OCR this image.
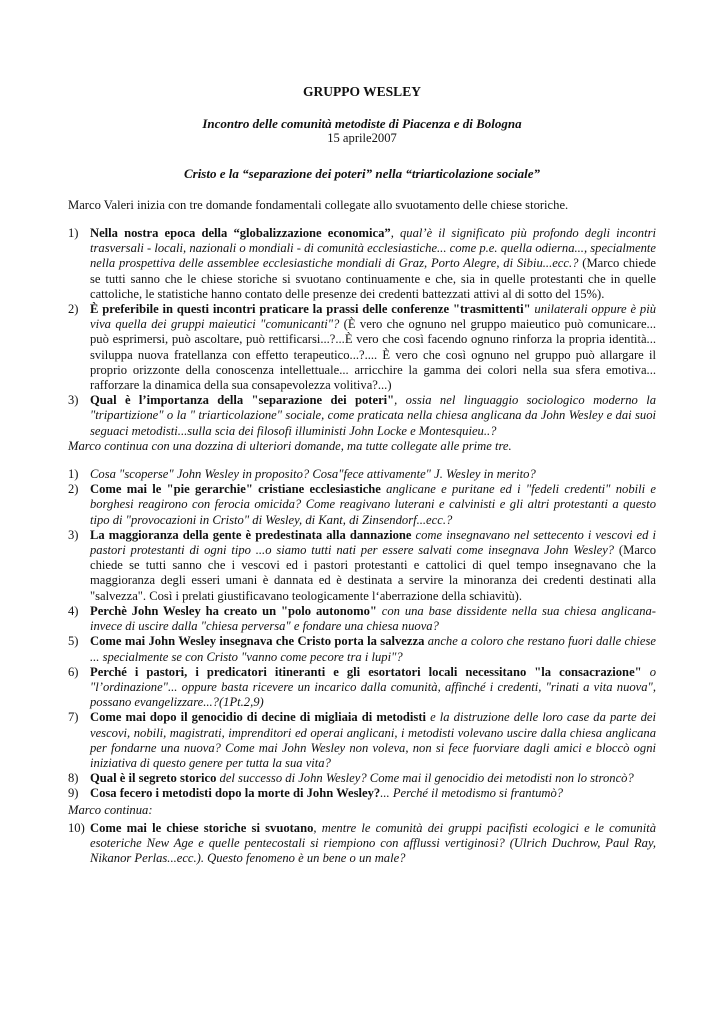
GRUPPO WESLEY
Incontro delle comunità metodiste di Piacenza e di Bologna
15 aprile2007
Cristo e la “separazione dei poteri” nella “triarticolazione sociale”
Marco Valeri inizia con tre domande fondamentali collegate allo svuotamento delle chiese storiche.
1) Nella nostra epoca della “globalizzazione economica”, qual’è il significato più profondo degli incontri trasversali - locali, nazionali o mondiali - di comunità ecclesiastiche... come p.e. quella odierna..., specialmente nella prospettiva delle assemblee ecclesiastiche mondiali di Graz, Porto Alegre, di Sibiu...ecc.? (Marco chiede se tutti sanno che le chiese storiche si svuotano continuamente e che, sia in quelle protestanti che in quelle cattoliche, le statistiche hanno contato delle presenze dei credenti battezzati attivi al di sotto del 15%).
2) È preferibile in questi incontri praticare la prassi delle conferenze "trasmittenti" unilaterali oppure è più viva quella dei gruppi maieutici "comunicanti"? (È vero che ognuno nel gruppo maieutico può comunicare... può esprimersi, può ascoltare, può rettificarsi...?...È vero che così facendo ognuno rinforza la propria identità... sviluppa nuova fratellanza con effetto terapeutico...?.... È vero che così ognuno nel gruppo può allargare il proprio orizzonte della conoscenza intellettuale... arricchire la gamma dei colori nella sua sfera emotiva... rafforzare la dinamica della sua consapevolezza volitiva?...)
3) Qual è l’importanza della "separazione dei poteri", ossia nel linguaggio sociologico moderno la "tripartizione" o la " triarticolazione" sociale, come praticata nella chiesa anglicana da John Wesley e dai suoi seguaci metodisti...sulla scia dei filosofi illuministi John Locke e Montesquieu..?
Marco continua con una dozzina di ulteriori domande, ma tutte collegate alle prime tre.
1) Cosa "scoperse" John Wesley in proposito? Cosa"fece attivamente" J. Wesley in merito?
2) Come mai le "pie gerarchie" cristiane ecclesiastiche anglicane e puritane ed i "fedeli credenti" nobili e borghesi reagirono con ferocia omicida? Come reagivano luterani e calvinisti e gli altri protestanti a questo tipo di "provocazioni in Cristo" di Wesley, di Kant, di Zinsendorf...ecc.?
3) La maggioranza della gente è predestinata alla dannazione come insegnavano nel settecento i vescovi ed i pastori protestanti di ogni tipo ...o siamo tutti nati per essere salvati come insegnava John Wesley? (Marco chiede se tutti sanno che i vescovi ed i pastori protestanti e cattolici di quel tempo insegnavano che la maggioranza degli esseri umani è dannata ed è destinata a servire la minoranza dei credenti destinati alla "salvezza". Così i prelati giustificavano teologicamente l‘aberrazione della schiavitù).
4) Perchè John Wesley ha creato un "polo autonomo" con una base dissidente nella sua chiesa anglicana- invece di uscire dalla "chiesa perversa" e fondare una chiesa nuova?
5) Come mai John Wesley insegnava che Cristo porta la salvezza anche a coloro che restano fuori dalle chiese ... specialmente se con Cristo "vanno come pecore tra i lupi"?
6) Perché i pastori, i predicatori itineranti e gli esortatori locali necessitano "la consacrazione" o "l’ordinazione"... oppure basta ricevere un incarico dalla comunità, affinché i credenti, "rinati a vita nuova", possano evangelizzare...?(1Pt.2,9)
7) Come mai dopo il genocidio di decine di migliaia di metodisti e la distruzione delle loro case da parte dei vescovi, nobili, magistrati, imprenditori ed operai anglicani, i metodisti volevano uscire dalla chiesa anglicana per fondarne una nuova? Come mai John Wesley non voleva, non si fece fuorviare dagli amici e bloccò ogni iniziativa di questo genere per tutta la sua vita?
8) Qual è il segreto storico del successo di John Wesley? Come mai il genocidio dei metodisti non lo stroncò?
9) Cosa fecero i metodisti dopo la morte di John Wesley?... Perché il metodismo si frantumò?
Marco continua:
10) Come mai le chiese storiche si svuotano, mentre le comunità dei gruppi pacifisti ecologici e le comunità esoteriche New Age e quelle pentecostali si riempiono con afflussi vertiginosi? (Ulrich Duchrow, Paul Ray, Nikanor Perlas...ecc.). Questo fenomeno è un bene o un male?
